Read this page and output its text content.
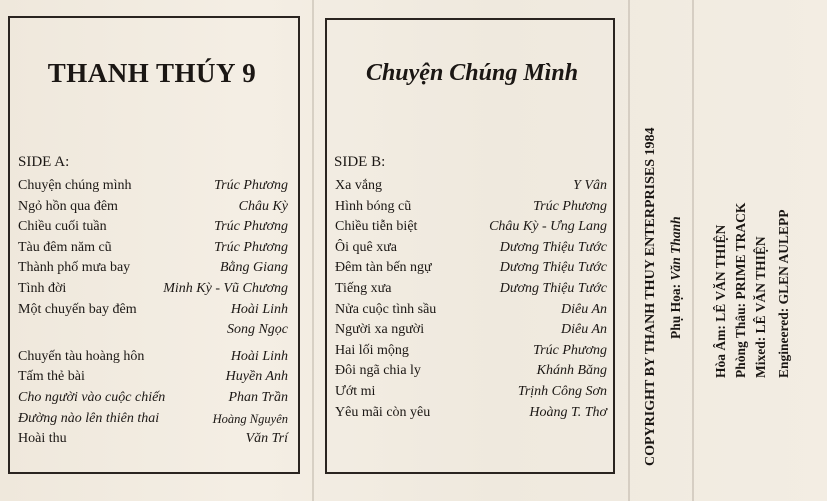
THANH THÚY 9	Chuyện Chúng Mình
SIDE A:	SIDE B:
Chuyện chúng mình	Trúc Phương
Ngỏ hồn qua đêm	Châu Kỳ
Chiều cuối tuần	Trúc Phương
Tàu đêm năm cũ	Trúc Phương
Thành phố mưa bay	Bằng Giang
Tình đời	Minh Kỳ - Vũ Chương
Một chuyến bay đêm	Hoài Linh
Song Ngọc
Chuyến tàu hoàng hôn	Hoài Linh
Tấm thẻ bài	Huyền Anh
Cho người vào cuộc chiến	Phan Trần
Đường nào lên thiên thai	Hoàng Nguyên
Hoài thu	Văn Trí
Xa vắng	Y Vân
Hình bóng cũ	Trúc Phương
Chiều tiễn biệt	Châu Kỳ - Ưng Lang
Ôi quê xưa	Dương Thiệu Tước
Đêm tàn bến ngự	Dương Thiệu Tước
Tiếng xưa	Dương Thiệu Tước
Nửa cuộc tình sầu	Diêu An
Người xa người	Diêu An
Hai lối mộng	Trúc Phương
Đôi ngã chia ly	Khánh Băng
Ướt mi	Trịnh Công Sơn
Yêu mãi còn yêu	Hoàng T. Thơ	COPYRIGHT BY THANH THUY ENTERPRISES 1984 Phụ Họa: Văn Thanh Hòa Âm: LÊ VĂN THIỆN Phòng Thâu: PRIME TRACK Mixed: LÊ VĂN THIỆN Engineered: GLEN AULEPP
